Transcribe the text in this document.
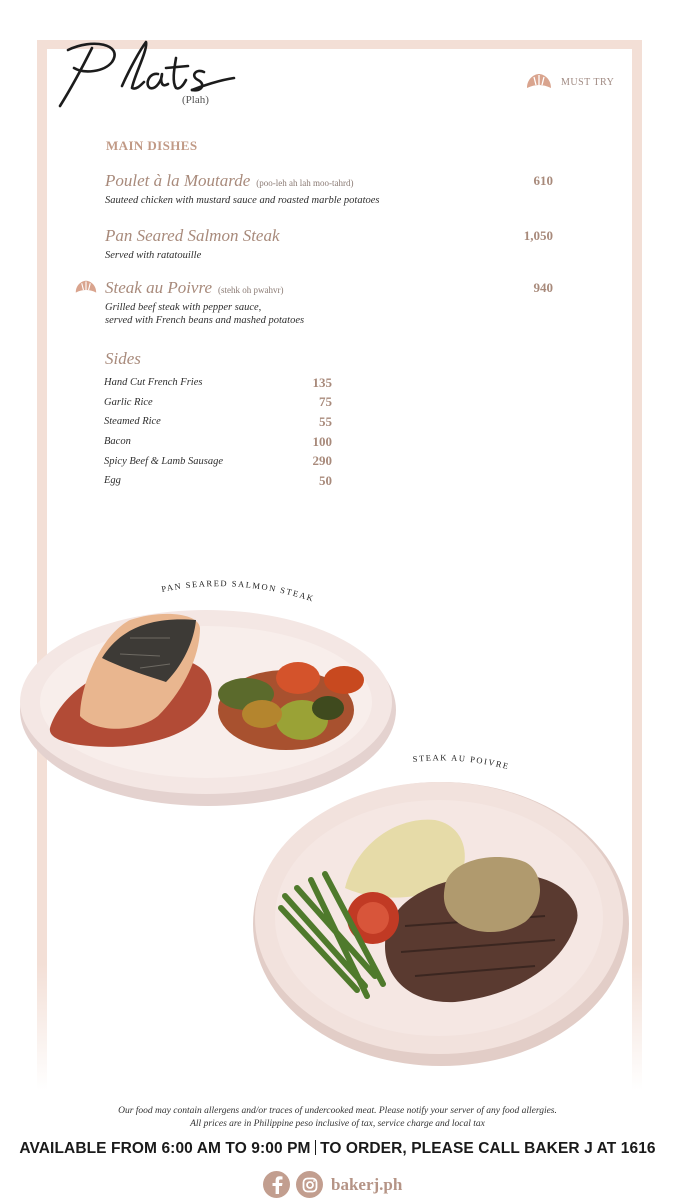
(Plah)
MUST TRY
MAIN DISHES
Poulet à la Moutarde (poo-leh ah lah moo-tahrd)
Sauteed chicken with mustard sauce and roasted marble potatoes
610
Pan Seared Salmon Steak
Served with ratatouille
1,050
Steak au Poivre (stehk oh pwahvr)
Grilled beef steak with pepper sauce,
served with French beans and mashed potatoes
940
Sides
Hand Cut French Fries	135
Garlic Rice	75
Steamed Rice	55
Bacon	100
Spicy Beef & Lamb Sausage	290
Egg	50
PAN SEARED SALMON STEAK
STEAK AU POIVRE
Our food may contain allergens and/or traces of undercooked meat. Please notify your server of any food allergies.
All prices are in Philippine peso inclusive of tax, service charge and local tax
AVAILABLE FROM 6:00 AM TO 9:00 PM TO ORDER, PLEASE CALL BAKER J AT 1616
bakerj.ph
